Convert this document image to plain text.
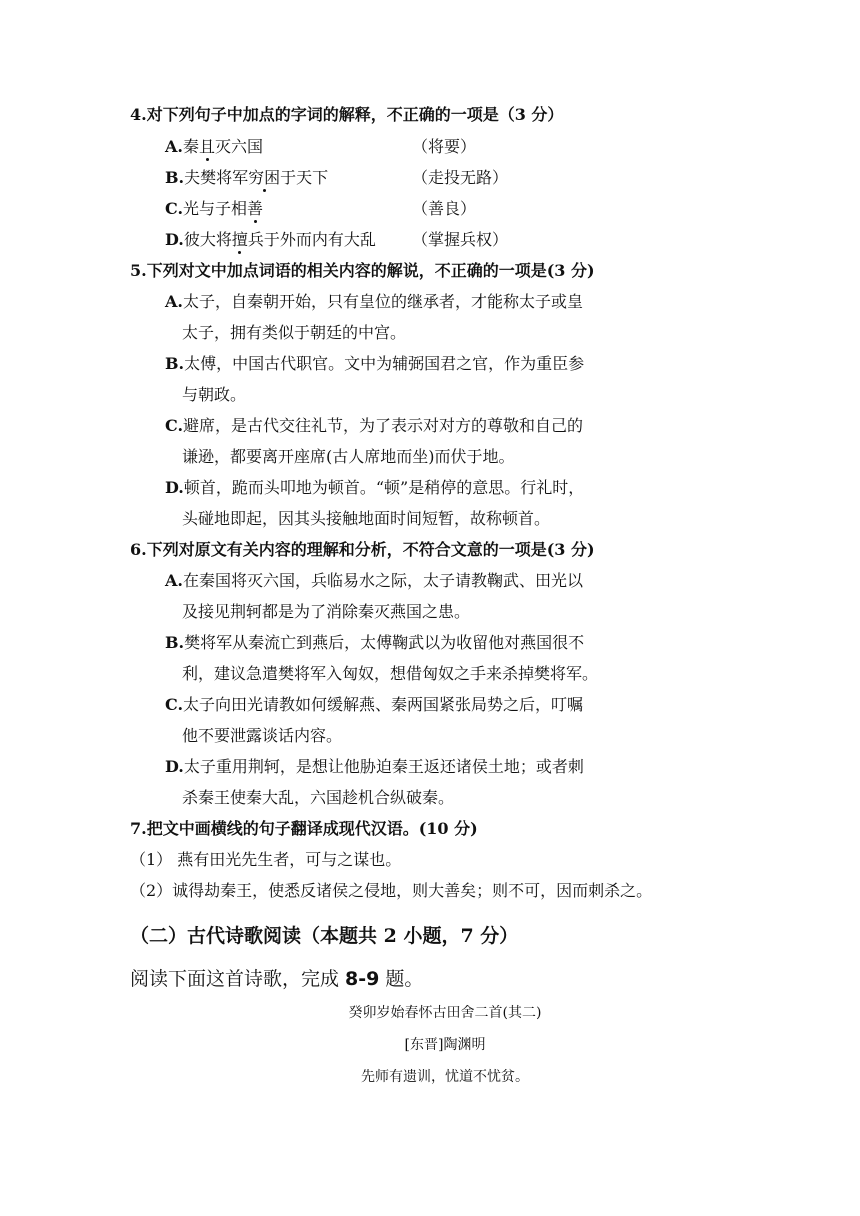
4.对下列句子中加点的字词的解释，不正确的一项是（3 分）
A.秦且灭六国	（将要）
B.夫樊将军穷困于天下	（走投无路）
C.光与子相善	（善良）
D.彼大将擅兵于外而内有大乱 （掌握兵权）
5.下列对文中加点词语的相关内容的解说，不正确的一项是(3 分)
A.太子，自秦朝开始，只有皇位的继承者，才能称太子或皇
太子，拥有类似于朝廷的中宫。
B.太傅，中国古代职官。文中为辅弼国君之官，作为重臣参
与朝政。
C.避席，是古代交往礼节，为了表示对对方的尊敬和自己的
谦逊，都要离开座席(古人席地而坐)而伏于地。
D.顿首，跪而头叩地为顿首。“顿”是稍停的意思。行礼时，
头碰地即起，因其头接触地面时间短暂，故称顿首。
6.下列对原文有关内容的理解和分析，不符合文意的一项是(3 分)
A.在秦国将灭六国，兵临易水之际，太子请教鞠武、田光以
及接见荆轲都是为了消除秦灭燕国之患。
B.樊将军从秦流亡到燕后，太傅鞠武以为收留他对燕国很不
利，建议急遣樊将军入匈奴，想借匈奴之手来杀掉樊将军。
C.太子向田光请教如何缓解燕、秦两国紧张局势之后，叮嘱
他不要泄露谈话内容。
D.太子重用荆轲，是想让他胁迫秦王返还诸侯土地；或者刺
杀秦王使秦大乱，六国趁机合纵破秦。
7.把文中画横线的句子翻译成现代汉语。(10 分)
（1） 燕有田光先生者，可与之谋也。
（2）诚得劫秦王，使悉反诸侯之侵地，则大善矣；则不可，因而刺杀之。
（二）古代诗歌阅读（本题共 2 小题，7 分）
阅读下面这首诗歌，完成 8-9 题。
癸卯岁始春怀古田舍二首(其二)
[东晋]陶渊明
先师有遗训，忧道不忧贫。
